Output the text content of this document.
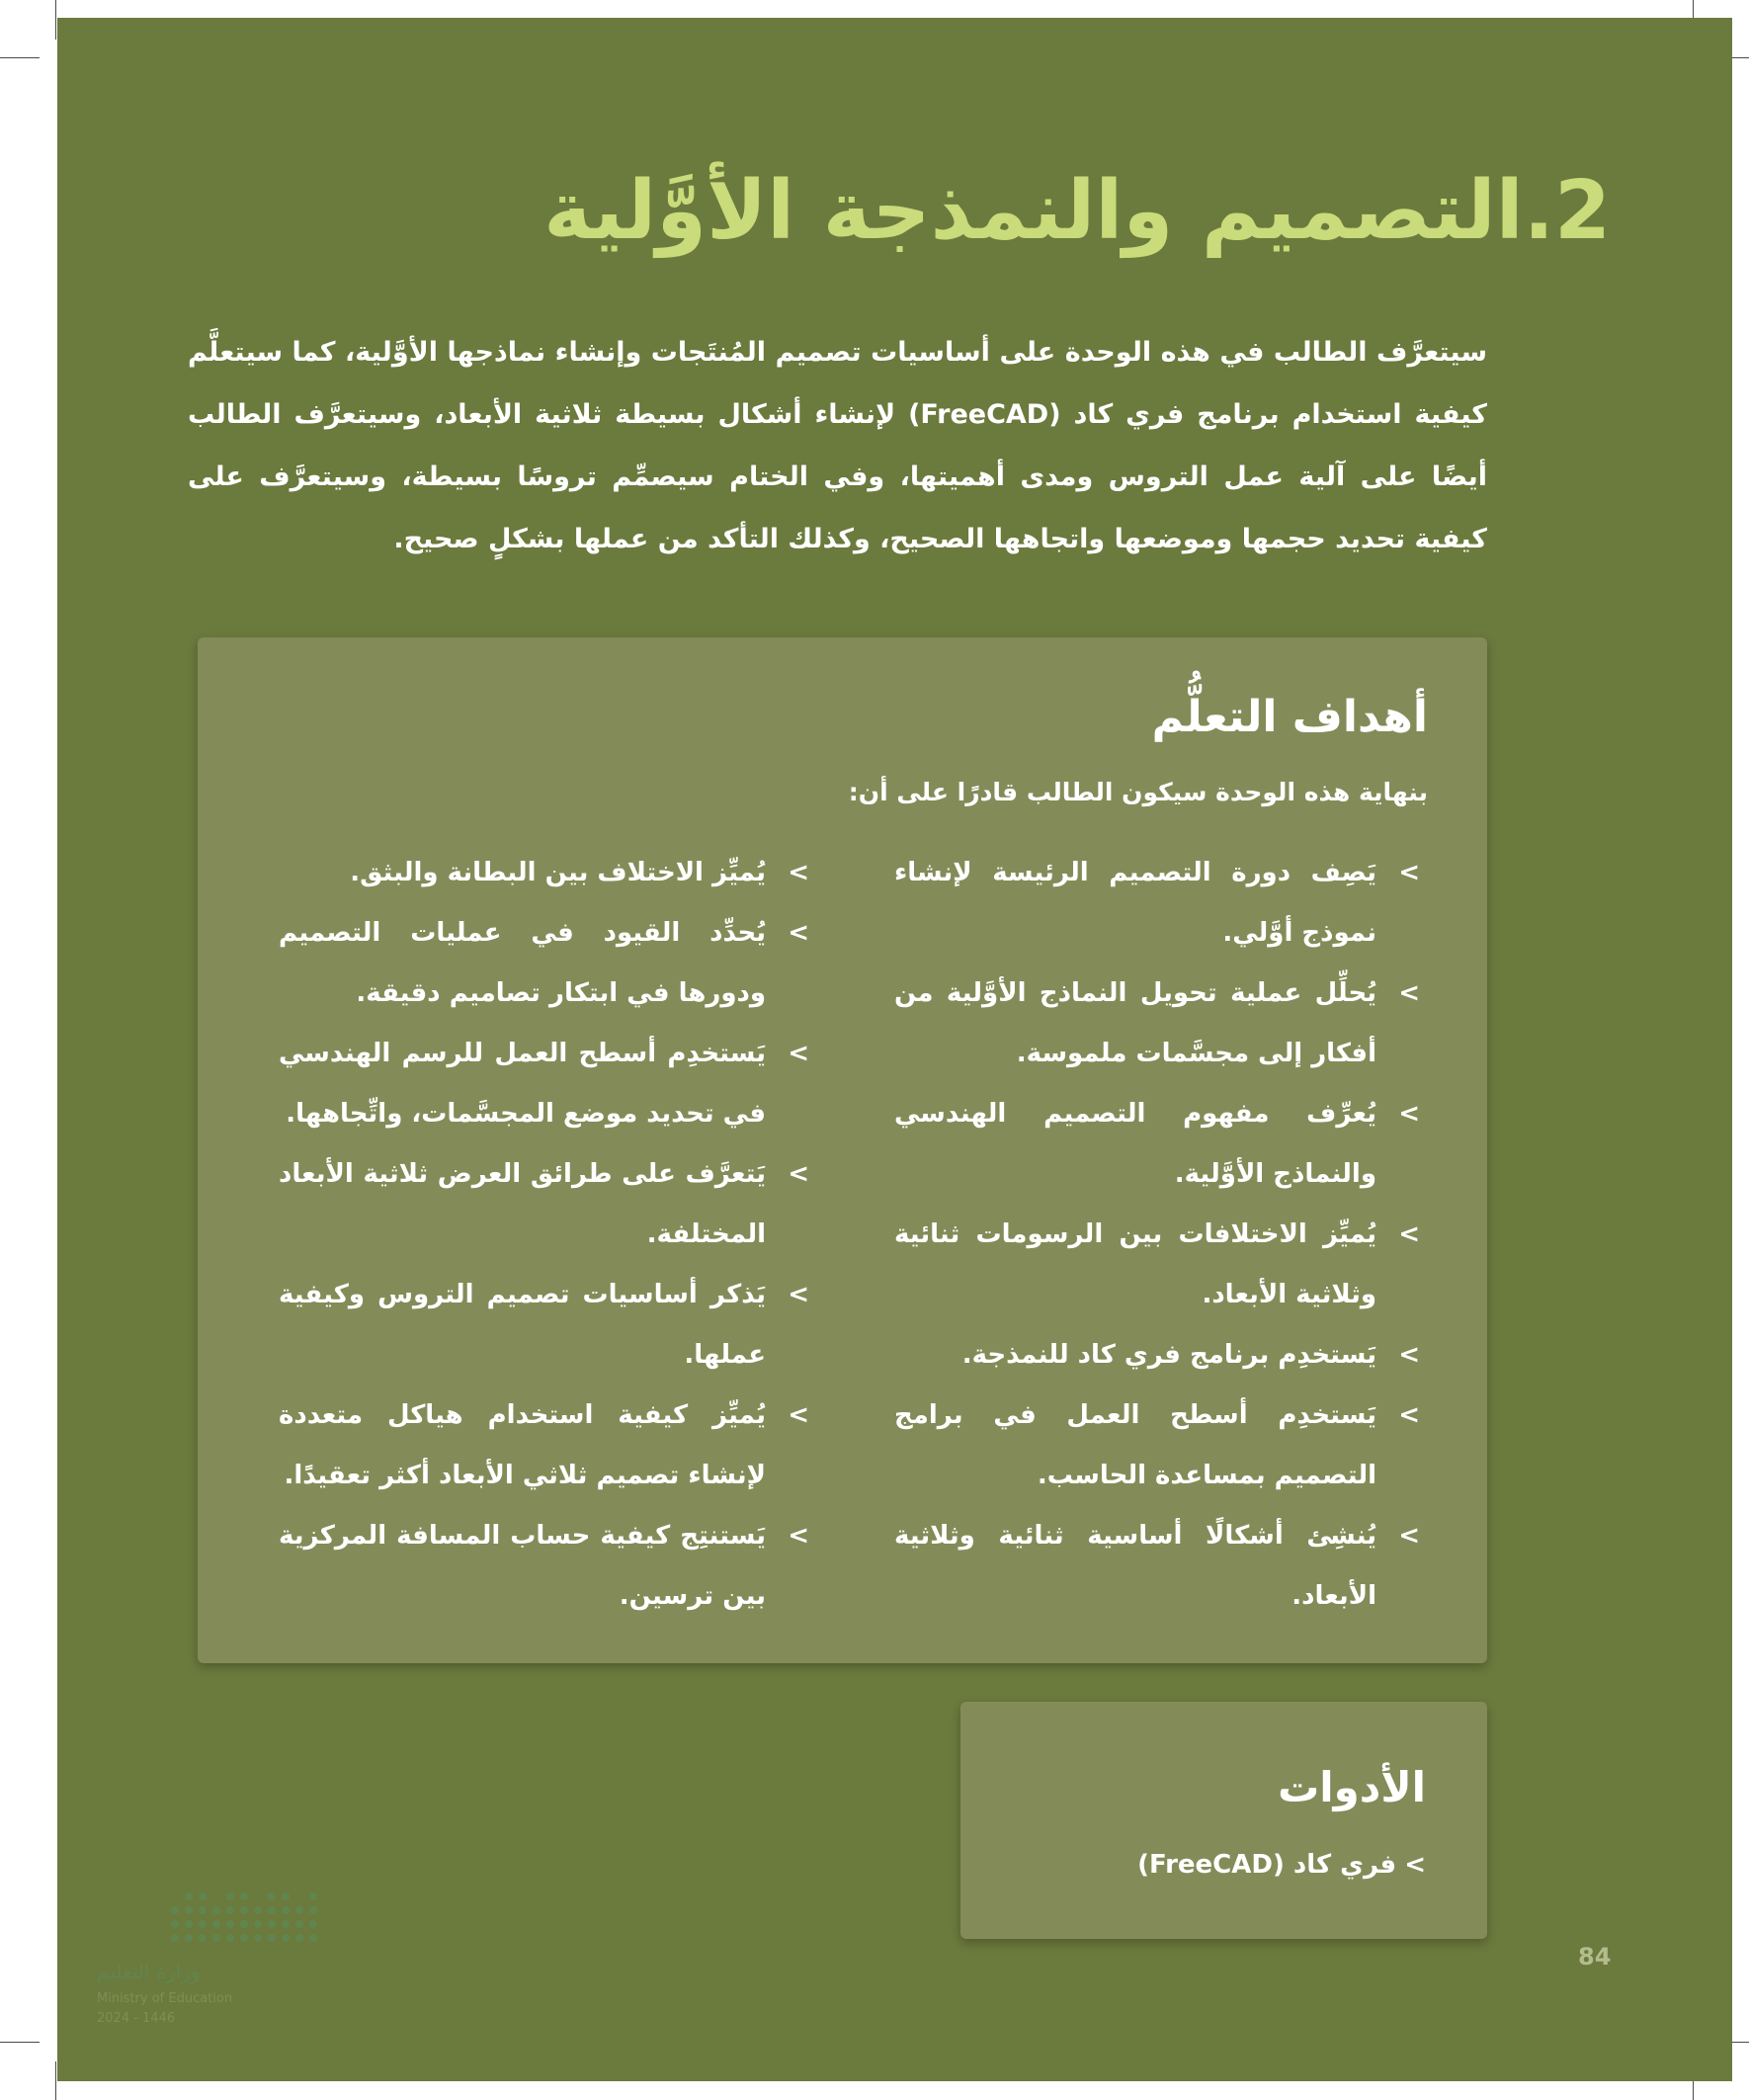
2.التصميم والنمذجة الأوَّلية
سيتعرَّف الطالب في هذه الوحدة على أساسيات تصميم المُنتَجات وإنشاء نماذجها الأوَّلية، كما سيتعلَّم كيفية استخدام برنامج فري كاد (FreeCAD) لإنشاء أشكال بسيطة ثلاثية الأبعاد، وسيتعرَّف الطالب أيضًا على آلية عمل التروس ومدى أهميتها، وفي الختام سيصمِّم تروسًا بسيطة، وسيتعرَّف على كيفية تحديد حجمها وموضعها واتجاهها الصحيح، وكذلك التأكد من عملها بشكلٍ صحيح.
أهداف التعلُّم
بنهاية هذه الوحدة سيكون الطالب قادرًا على أن:
>
يَصِف دورة التصميم الرئيسة لإنشاء نموذج أوَّلي.
>
يُحلِّل عملية تحويل النماذج الأوَّلية من أفكار إلى مجسَّمات ملموسة.
>
يُعرِّف مفهوم التصميم الهندسي والنماذج الأوَّلية.
>
يُميِّز الاختلافات بين الرسومات ثنائية وثلاثية الأبعاد.
>
يَستخدِم برنامج فري كاد للنمذجة.
>
يَستخدِم أسطح العمل في برامج التصميم بمساعدة الحاسب.
>
يُنشِئ أشكالًا أساسية ثنائية وثلاثية الأبعاد.
>
يُميِّز الاختلاف بين البطانة والبثق.
>
يُحدِّد القيود في عمليات التصميم ودورها في ابتكار تصاميم دقيقة.
>
يَستخدِم أسطح العمل للرسم الهندسي في تحديد موضع المجسَّمات، واتِّجاهها.
>
يَتعرَّف على طرائق العرض ثلاثية الأبعاد المختلفة.
>
يَذكر أساسيات تصميم التروس وكيفية عملها.
>
يُميِّز كيفية استخدام هياكل متعددة لإنشاء تصميم ثلاثي الأبعاد أكثر تعقيدًا.
>
يَستنتِج كيفية حساب المسافة المركزية بين ترسين.
الأدوات
>فري كاد (FreeCAD)
84
وزارة التعليم
Ministry of Education
2024 - 1446
